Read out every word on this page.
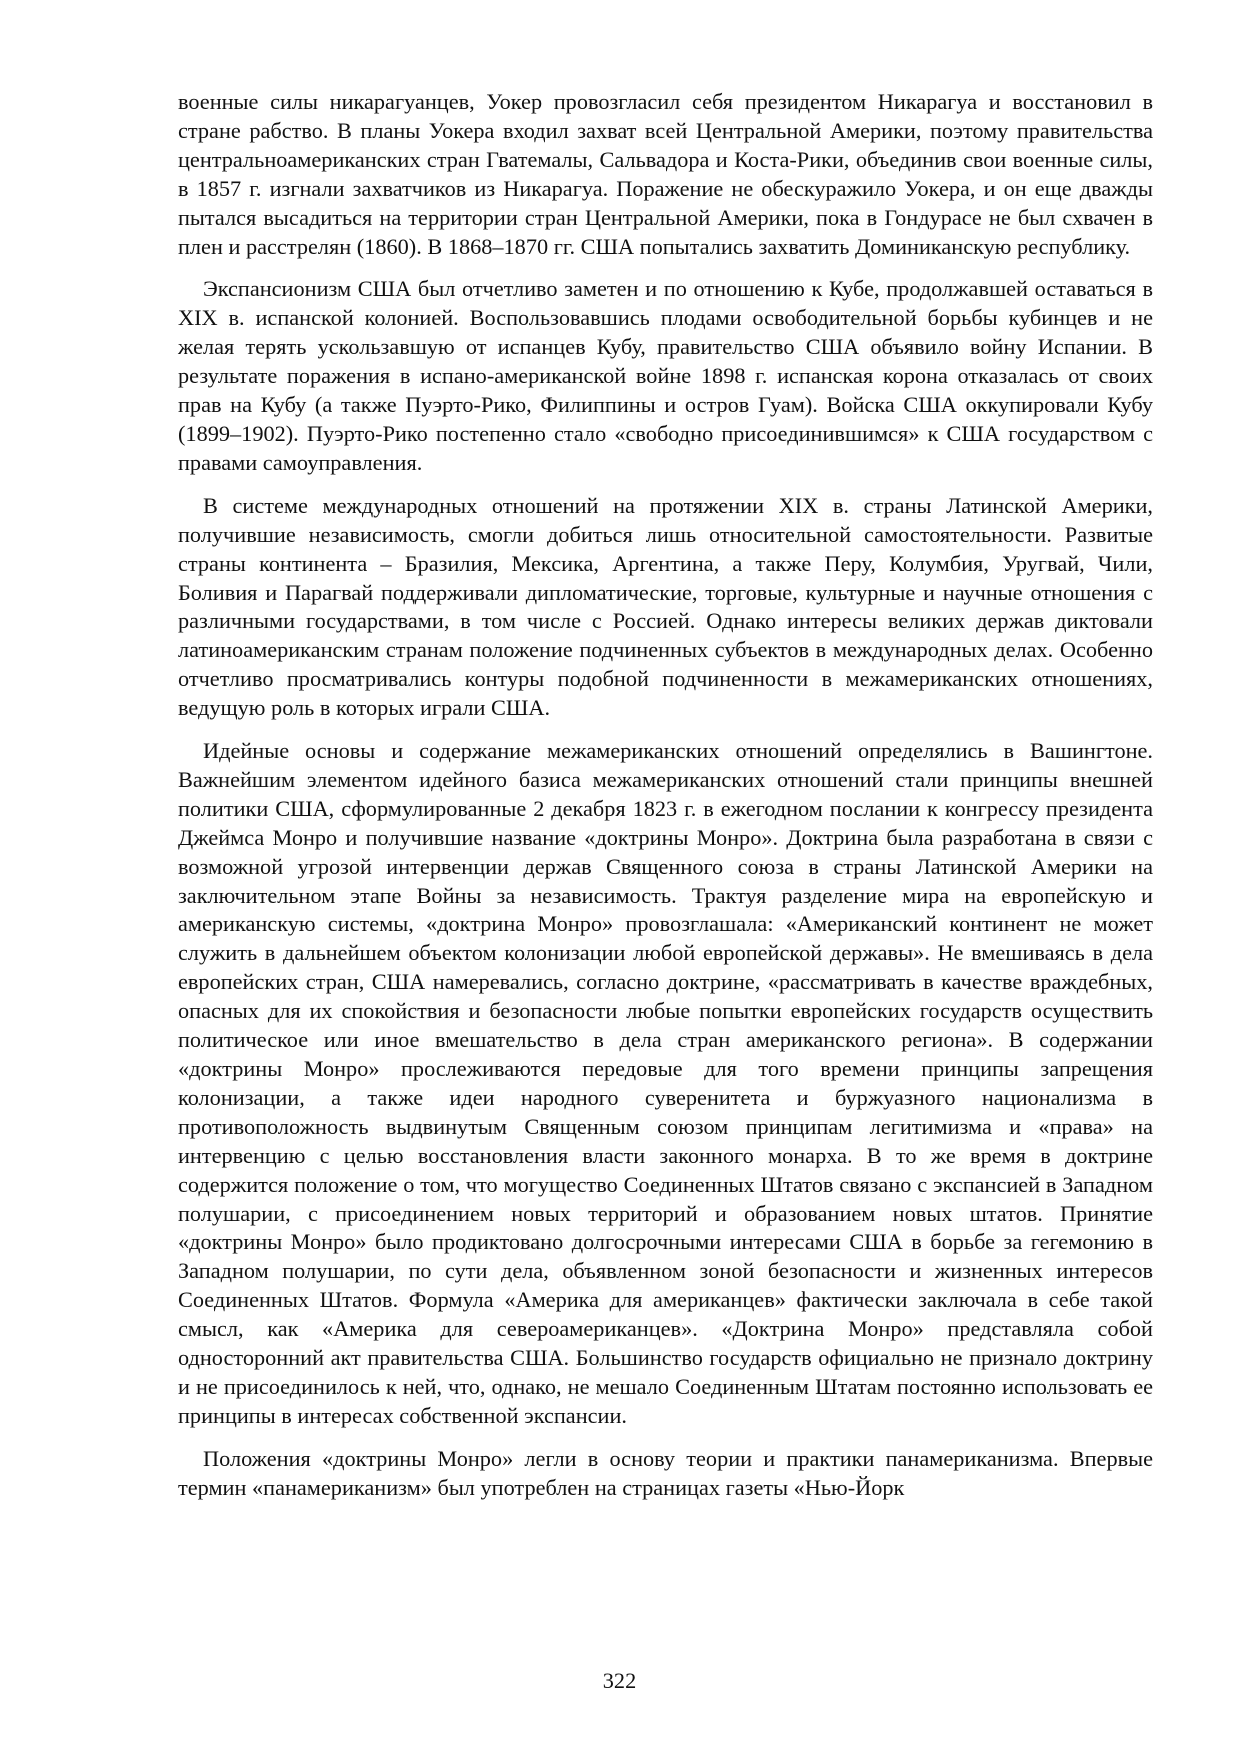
военные силы никарагуанцев, Уокер провозгласил себя президентом Никарагуа и восстановил в стране рабство. В планы Уокера входил захват всей Центральной Америки, поэтому правительства центральноамериканских стран Гватемалы, Сальвадора и Коста-Рики, объединив свои военные силы, в 1857 г. изгнали захватчиков из Никарагуа. Поражение не обескуражило Уокера, и он еще дважды пытался высадиться на территории стран Центральной Америки, пока в Гондурасе не был схвачен в плен и расстрелян (1860). В 1868–1870 гг. США попытались захватить Доминиканскую республику.

Экспансионизм США был отчетливо заметен и по отношению к Кубе, продолжавшей оставаться в XIX в. испанской колонией. Воспользовавшись плодами освободительной борьбы кубинцев и не желая терять ускользавшую от испанцев Кубу, правительство США объявило войну Испании. В результате поражения в испано-американской войне 1898 г. испанская корона отказалась от своих прав на Кубу (а также Пуэрто-Рико, Филиппины и остров Гуам). Войска США оккупировали Кубу (1899–1902). Пуэрто-Рико постепенно стало «свободно присоединившимся» к США государством с правами самоуправления.

В системе международных отношений на протяжении XIX в. страны Латинской Америки, получившие независимость, смогли добиться лишь относительной самостоятельности. Развитые страны континента – Бразилия, Мексика, Аргентина, а также Перу, Колумбия, Уругвай, Чили, Боливия и Парагвай поддерживали дипломатические, торговые, культурные и научные отношения с различными государствами, в том числе с Россией. Однако интересы великих держав диктовали латиноамериканским странам положение подчиненных субъектов в международных делах. Особенно отчетливо просматривались контуры подобной подчиненности в межамериканских отношениях, ведущую роль в которых играли США.

Идейные основы и содержание межамериканских отношений определялись в Вашингтоне. Важнейшим элементом идейного базиса межамериканских отношений стали принципы внешней политики США, сформулированные 2 декабря 1823 г. в ежегодном послании к конгрессу президента Джеймса Монро и получившие название «доктрины Монро». Доктрина была разработана в связи с возможной угрозой интервенции держав Священного союза в страны Латинской Америки на заключительном этапе Войны за независимость. Трактуя разделение мира на европейскую и американскую системы, «доктрина Монро» провозглашала: «Американский континент не может служить в дальнейшем объектом колонизации любой европейской державы». Не вмешиваясь в дела европейских стран, США намеревались, согласно доктрине, «рассматривать в качестве враждебных, опасных для их спокойствия и безопасности любые попытки европейских государств осуществить политическое или иное вмешательство в дела стран американского региона». В содержании «доктрины Монро» прослеживаются передовые для того времени принципы запрещения колонизации, а также идеи народного суверенитета и буржуазного национализма в противоположность выдвинутым Священным союзом принципам легитимизма и «права» на интервенцию с целью восстановления власти законного монарха. В то же время в доктрине содержится положение о том, что могущество Соединенных Штатов связано с экспансией в Западном полушарии, с присоединением новых территорий и образованием новых штатов. Принятие «доктрины Монро» было продиктовано долгосрочными интересами США в борьбе за гегемонию в Западном полушарии, по сути дела, объявленном зоной безопасности и жизненных интересов Соединенных Штатов. Формула «Америка для американцев» фактически заключала в себе такой смысл, как «Америка для североамериканцев». «Доктрина Монро» представляла собой односторонний акт правительства США. Большинство государств официально не признало доктрину и не присоединилось к ней, что, однако, не мешало Соединенным Штатам постоянно использовать ее принципы в интересах собственной экспансии.

Положения «доктрины Монро» легли в основу теории и практики панамериканизма. Впервые термин «панамериканизм» был употреблен на страницах газеты «Нью-Йорк

322
